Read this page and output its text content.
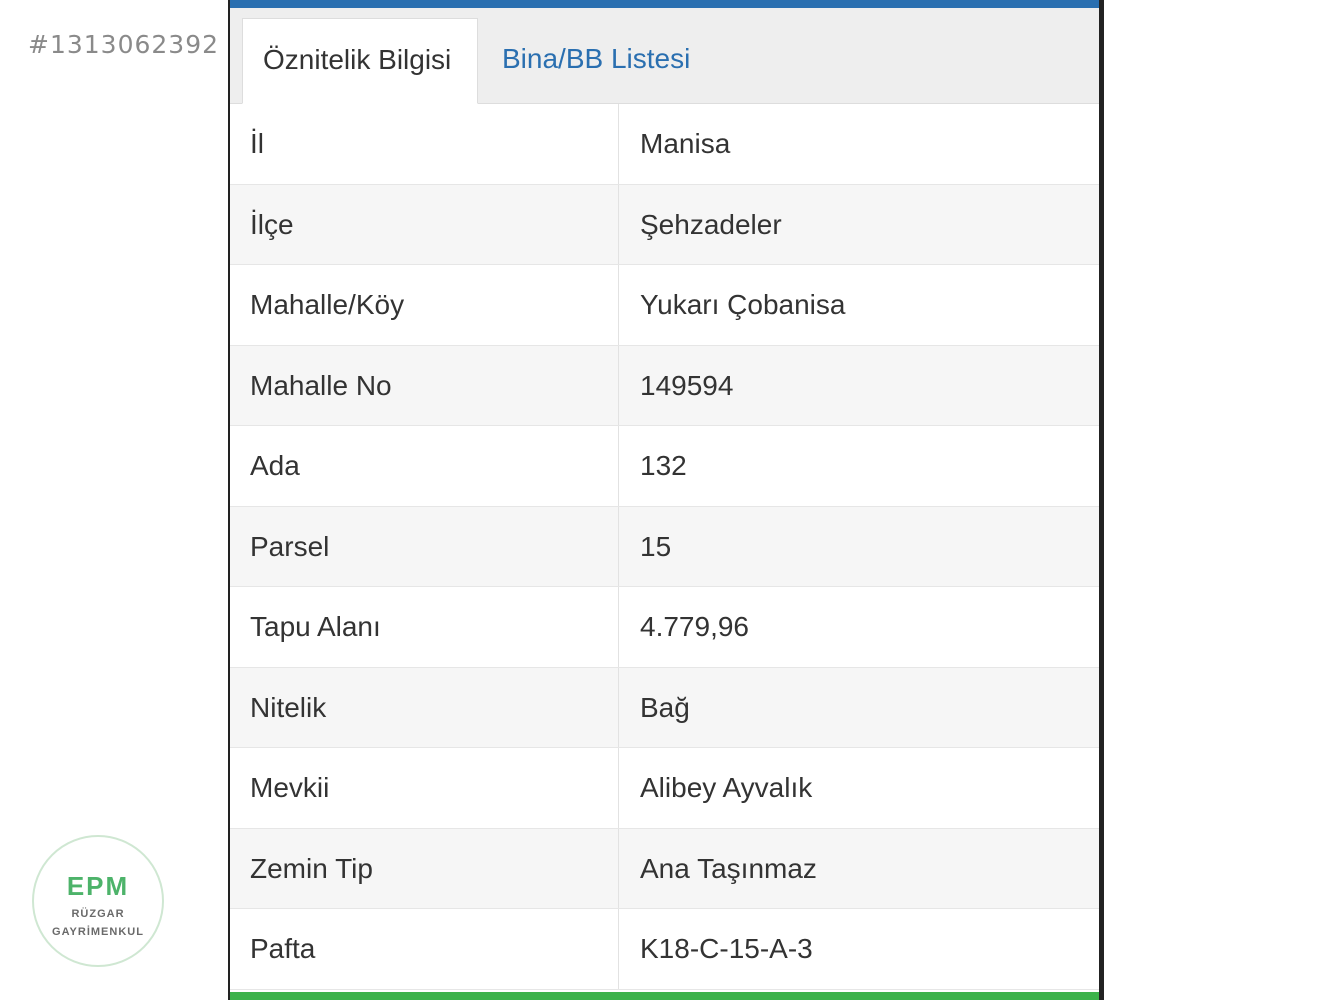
#1313062392	Öznitelik Bilgisi	Bina/BB Listesi
İl	Manisa
İlçe	Şehzadeler
Mahalle/Köy	Yukarı Çobanisa
Mahalle No	149594
Ada	132
Parsel	15
Tapu Alanı	4.779,96
Nitelik	Bağ
Mevkii	Alibey Ayvalık
Zemin Tip	Ana Taşınmaz
Pafta	K18-C-15-A-3
EPM
RÜZGAR
GAYRİMENKUL
